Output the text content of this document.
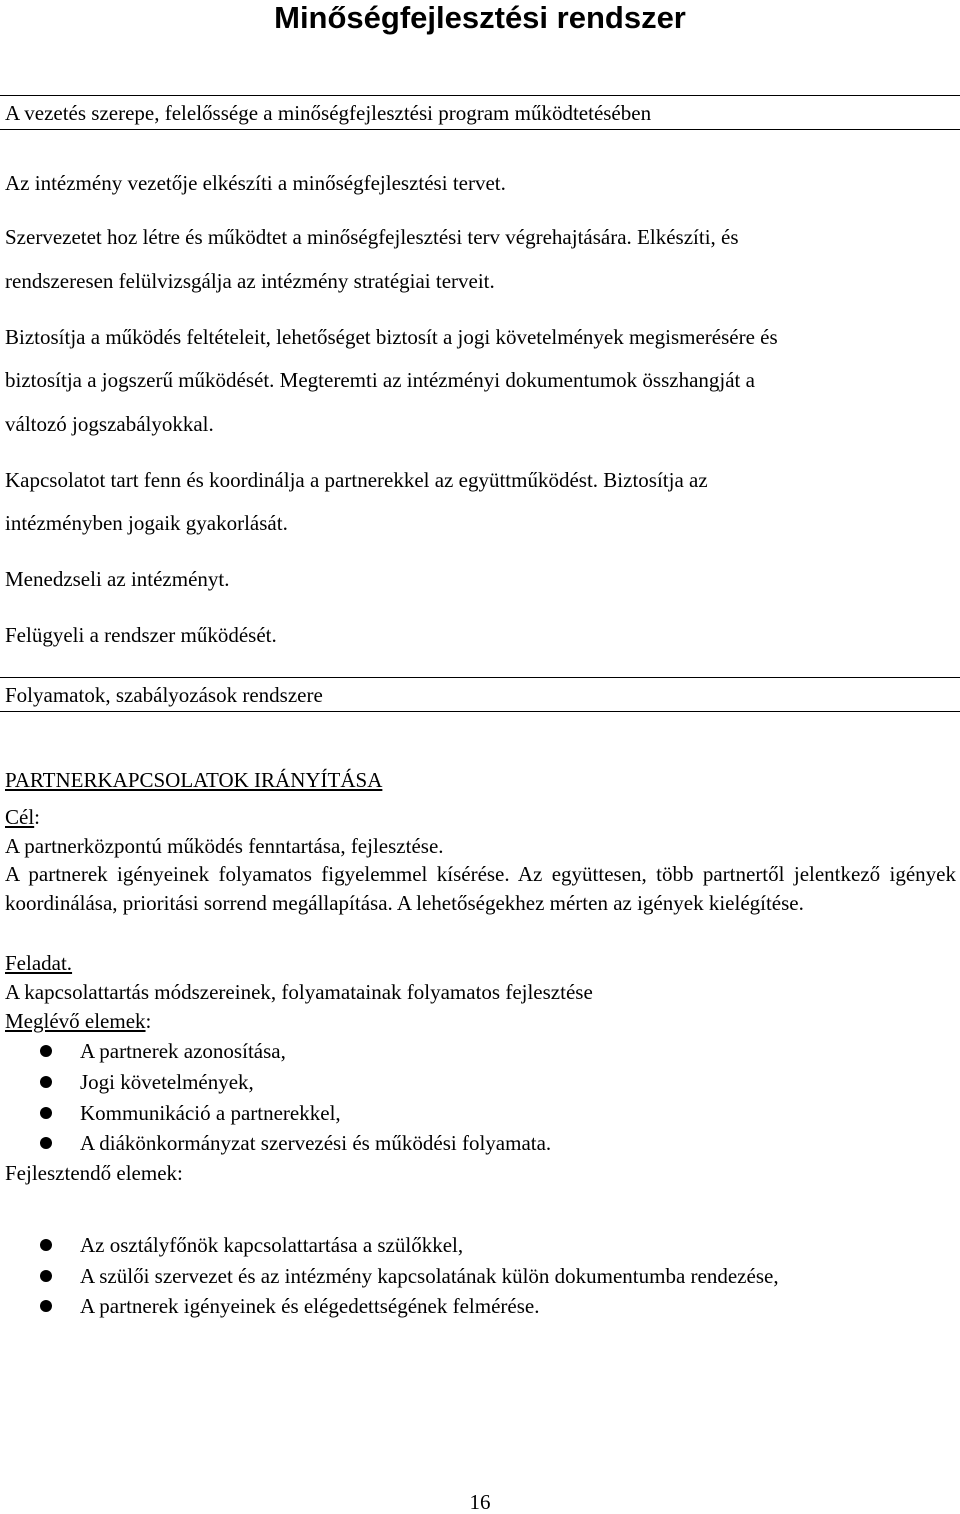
Minőségfejlesztési rendszer

A vezetés szerepe, felelőssége a minőségfejlesztési program működtetésében

Az intézmény vezetője elkészíti a minőségfejlesztési tervet.

Szervezetet hoz létre és működtet a minőségfejlesztési terv végrehajtására. Elkészíti, és

rendszeresen felülvizsgálja az intézmény stratégiai terveit.

Biztosítja a működés feltételeit, lehetőséget biztosít a jogi követelmények megismerésére és

biztosítja a jogszerű működését. Megteremti az intézményi dokumentumok összhangját a

változó jogszabályokkal.

Kapcsolatot tart fenn és koordinálja a partnerekkel az együttműködést. Biztosítja az

intézményben jogaik gyakorlását.

Menedzseli az intézményt.

Felügyeli a rendszer működését.

Folyamatok, szabályozások rendszere

PARTNERKAPCSOLATOK IRÁNYÍTÁSA

Cél:

A partnerközpontú működés fenntartása, fejlesztése.

A partnerek igényeinek folyamatos figyelemmel kísérése. Az együttesen, több partnertől jelentkező igények koordinálása, prioritási sorrend megállapítása. A lehetőségekhez mérten az igények kielégítése.

Feladat.

A kapcsolattartás módszereinek, folyamatainak folyamatos fejlesztése

Meglévő elemek:

A partnerek azonosítása,

Jogi követelmények,

Kommunikáció a partnerekkel,

A diákönkormányzat szervezési és működési folyamata.

Fejlesztendő elemek:

Az osztályfőnök kapcsolattartása a szülőkkel,

A szülői szervezet és az intézmény kapcsolatának külön dokumentumba rendezése,

A partnerek igényeinek és elégedettségének felmérése.

16
